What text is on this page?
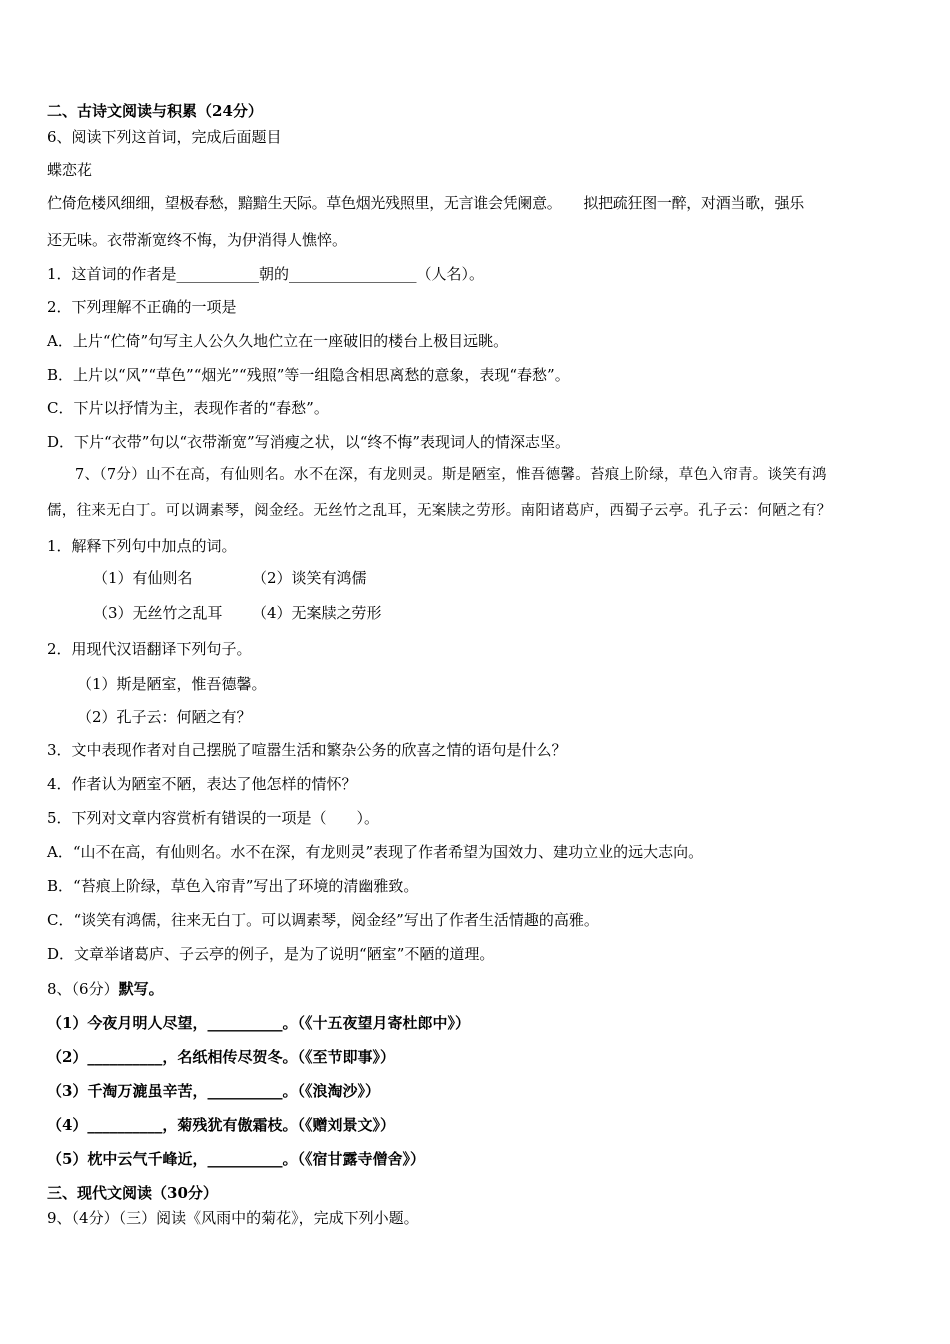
二、古诗文阅读与积累（24分）
6、阅读下列这首词，完成后面题目
蝶恋花
伫倚危楼风细细，望极春愁，黯黯生天际。草色烟光残照里，无言谁会凭阑意。　　拟把疏狂图一醉，对酒当歌，强乐
还无味。衣带渐宽终不悔，为伊消得人憔悴。
1．这首词的作者是___________朝的_________________（人名）。
2．下列理解不正确的一项是
A．上片“伫倚”句写主人公久久地伫立在一座破旧的楼台上极目远眺。
B．上片以“风”“草色”“烟光”“残照”等一组隐含相思离愁的意象，表现“春愁”。
C．下片以抒情为主，表现作者的“春愁”。
D．下片“衣带”句以“衣带渐宽”写消瘦之状，以“终不悔”表现词人的情深志坚。
7、（7分）山不在高，有仙则名。水不在深，有龙则灵。斯是陋室，惟吾德馨。苔痕上阶绿，草色入帘青。谈笑有鸿
儒，往来无白丁。可以调素琴，阅金经。无丝竹之乱耳，无案牍之劳形。南阳诸葛庐，西蜀子云亭。孔子云：何陋之有？
1．解释下列句中加点的词。
（1）有仙则名	（2）谈笑有鸿儒
（3）无丝竹之乱耳 （4）无案牍之劳形
2．用现代汉语翻译下列句子。
（1）斯是陋室，惟吾德馨。
（2）孔子云：何陋之有？
3．文中表现作者对自己摆脱了喧嚣生活和繁杂公务的欣喜之情的语句是什么？
4．作者认为陋室不陋，表达了他怎样的情怀？
5．下列对文章内容赏析有错误的一项是（　　）。
A．“山不在高，有仙则名。水不在深，有龙则灵”表现了作者希望为国效力、建功立业的远大志向。
B．“苔痕上阶绿，草色入帘青”写出了环境的清幽雅致。
C．“谈笑有鸿儒，往来无白丁。可以调素琴，阅金经”写出了作者生活情趣的高雅。
D．文章举诸葛庐、子云亭的例子，是为了说明“陋室”不陋的道理。
8、（6分）默写。
（1）今夜月明人尽望，__________。（《十五夜望月寄杜郎中》）
（2）__________，名纸相传尽贺冬。（《至节即事》）
（3）千淘万漉虽辛苦，__________。（《浪淘沙》）
（4）__________，菊残犹有傲霜枝。（《赠刘景文》）
（5）枕中云气千峰近，__________。（《宿甘露寺僧舍》）
三、现代文阅读（30分）
9、（4分）（三）阅读《风雨中的菊花》，完成下列小题。
